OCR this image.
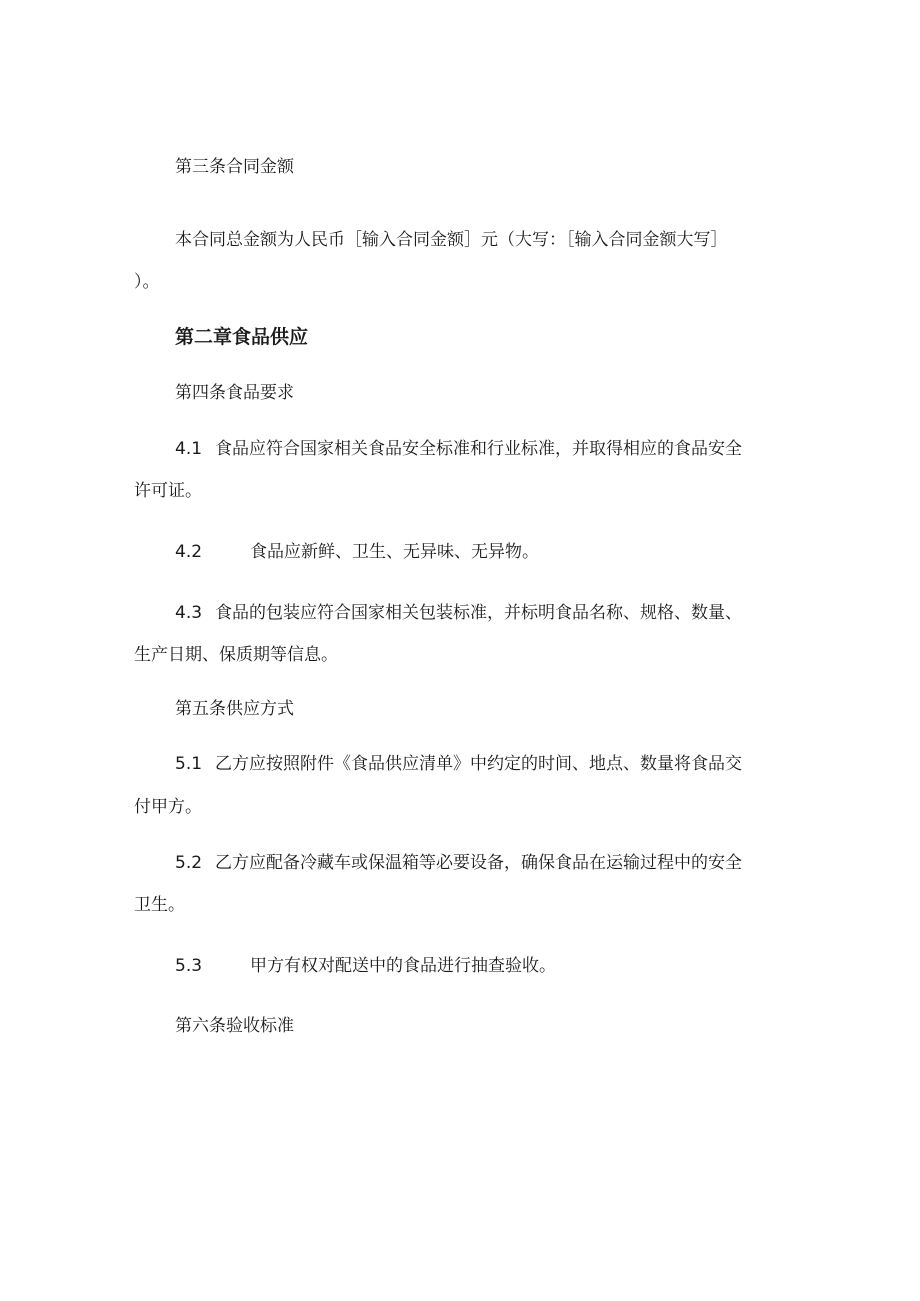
第三条合同金额
本合同总金额为人民币［输入合同金额］元（大写：［输入合同金额大写］
）。
第二章食品供应
第四条食品要求
4.1 食品应符合国家相关食品安全标准和行业标准，并取得相应的食品安全
许可证。
4.2	食品应新鲜、卫生、无异味、无异物。
4.3 食品的包装应符合国家相关包装标准，并标明食品名称、规格、数量、
生产日期、保质期等信息。
第五条供应方式
5.1 乙方应按照附件《食品供应清单》中约定的时间、地点、数量将食品交
付甲方。
5.2 乙方应配备冷藏车或保温箱等必要设备，确保食品在运输过程中的安全
卫生。
5.3	甲方有权对配送中的食品进行抽查验收。
第六条验收标准
